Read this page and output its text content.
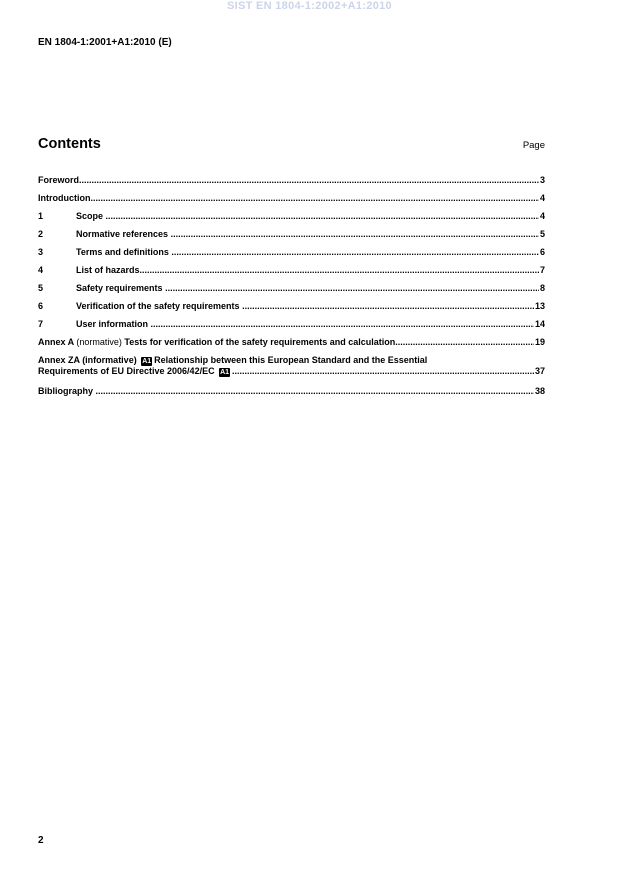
SIST EN 1804-1:2002+A1:2010
EN 1804-1:2001+A1:2010 (E)
Contents	Page
Foreword .....	3
Introduction .....	4
1	Scope .....	4
2	Normative references .....	5
3	Terms and definitions .....	6
4	List of hazards .....	7
5	Safety requirements .....	8
6	Verification of the safety requirements .....	13
7	User information .....	14
Annex A (normative) Tests for verification of the safety requirements and calculation .....	19
Annex ZA (informative) A1 Relationship between this European Standard and the Essential
Requirements of EU Directive 2006/42/EC A1 .....	37
Bibliography .....	38
2
